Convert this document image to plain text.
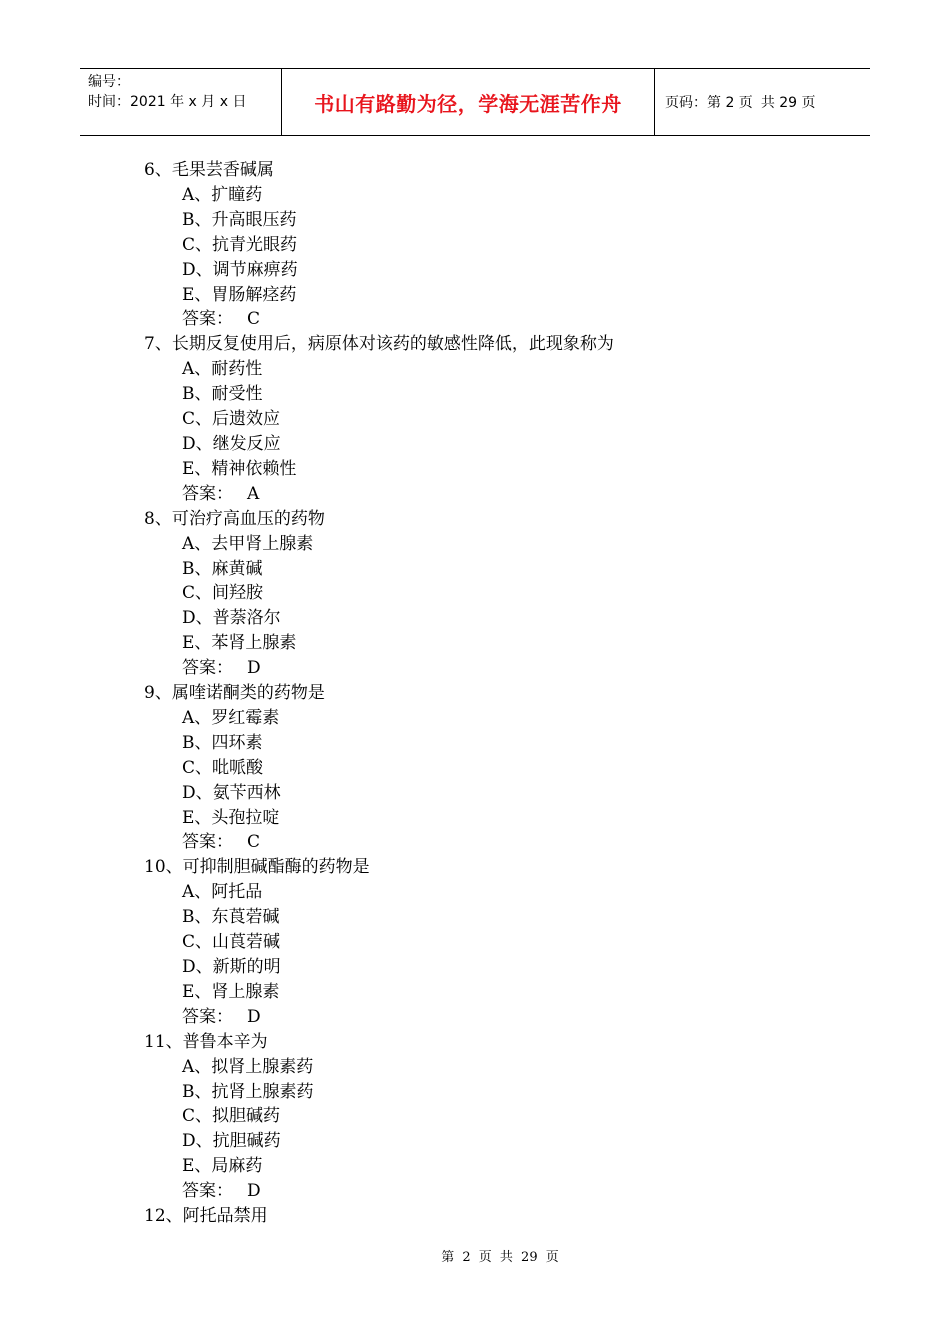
编号：
时间：2021 年 x 月 x 日	书山有路勤为径，学海无涯苦作舟	页码：第 2 页 共 29 页
6、毛果芸香碱属
A、扩瞳药
B、升高眼压药
C、抗青光眼药
D、调节麻痹药
E、胃肠解痉药
答案： C
7、长期反复使用后，病原体对该药的敏感性降低，此现象称为
A、耐药性
B、耐受性
C、后遗效应
D、继发反应
E、精神依赖性
答案： A
8、可治疗高血压的药物
A、去甲肾上腺素
B、麻黄碱
C、间羟胺
D、普萘洛尔
E、苯肾上腺素
答案： D
9、属喹诺酮类的药物是
A、罗红霉素
B、四环素
C、吡哌酸
D、氨苄西林
E、头孢拉啶
答案： C
10、可抑制胆碱酯酶的药物是
A、阿托品
B、东莨菪碱
C、山莨菪碱
D、新斯的明
E、肾上腺素
答案： D
11、普鲁本辛为
A、拟肾上腺素药
B、抗肾上腺素药
C、拟胆碱药
D、抗胆碱药
E、局麻药
答案： D
12、阿托品禁用
第 2 页 共 29 页
